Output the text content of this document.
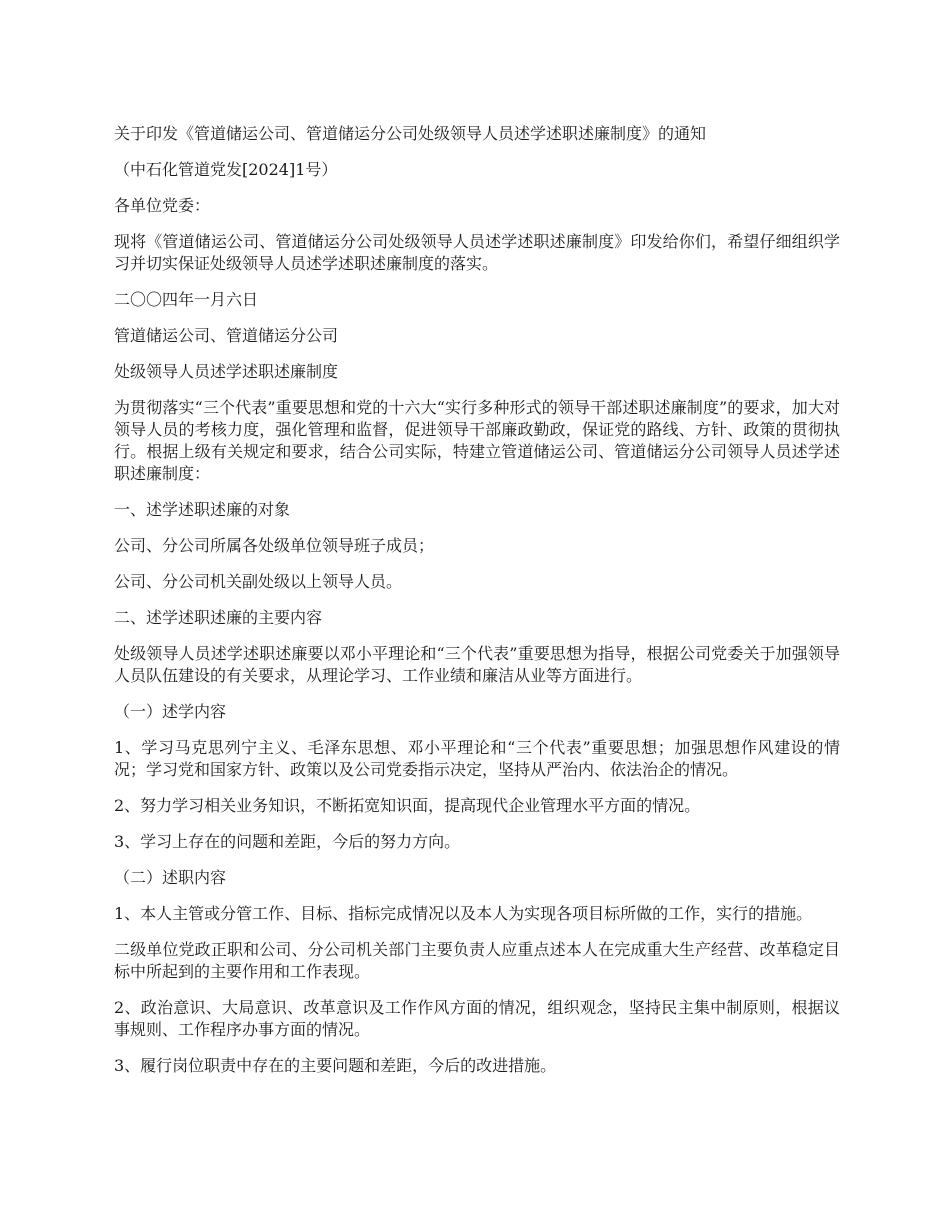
关于印发《管道储运公司、管道储运分公司处级领导人员述学述职述廉制度》的通知

（中石化管道党发[2024]1号）

各单位党委：

现将《管道储运公司、管道储运分公司处级领导人员述学述职述廉制度》印发给你们，希望仔细组织学习并切实保证处级领导人员述学述职述廉制度的落实。

二〇〇四年一月六日

管道储运公司、管道储运分公司

处级领导人员述学述职述廉制度

为贯彻落实“三个代表”重要思想和党的十六大“实行多种形式的领导干部述职述廉制度”的要求，加大对领导人员的考核力度，强化管理和监督，促进领导干部廉政勤政，保证党的路线、方针、政策的贯彻执行。根据上级有关规定和要求，结合公司实际，特建立管道储运公司、管道储运分公司领导人员述学述职述廉制度：

一、述学述职述廉的对象

公司、分公司所属各处级单位领导班子成员；

公司、分公司机关副处级以上领导人员。

二、述学述职述廉的主要内容

处级领导人员述学述职述廉要以邓小平理论和“三个代表”重要思想为指导，根据公司党委关于加强领导人员队伍建设的有关要求，从理论学习、工作业绩和廉洁从业等方面进行。

（一）述学内容

1、学习马克思列宁主义、毛泽东思想、邓小平理论和“三个代表”重要思想；加强思想作风建设的情况；学习党和国家方针、政策以及公司党委指示决定，坚持从严治内、依法治企的情况。

2、努力学习相关业务知识，不断拓宽知识面，提高现代企业管理水平方面的情况。

3、学习上存在的问题和差距，今后的努力方向。

（二）述职内容

1、本人主管或分管工作、目标、指标完成情况以及本人为实现各项目标所做的工作，实行的措施。

二级单位党政正职和公司、分公司机关部门主要负责人应重点述本人在完成重大生产经营、改革稳定目标中所起到的主要作用和工作表现。

2、政治意识、大局意识、改革意识及工作作风方面的情况，组织观念，坚持民主集中制原则，根据议事规则、工作程序办事方面的情况。

3、履行岗位职责中存在的主要问题和差距，今后的改进措施。
